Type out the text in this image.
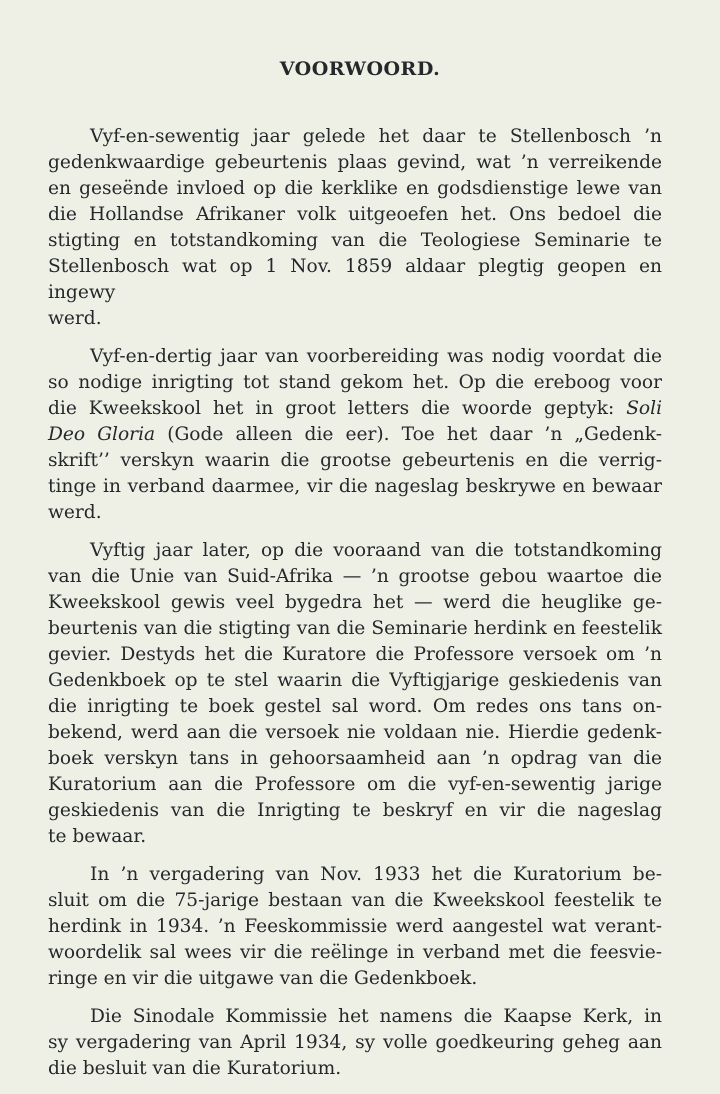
VOORWOORD.

Vyf-en-sewentig jaar gelede het daar te Stellenbosch ’n
gedenkwaardige gebeurtenis plaas gevind, wat ’n verreikende
en geseënde invloed op die kerklike en godsdienstige lewe van
die Hollandse Afrikaner volk uitgeoefen het. Ons bedoel die
stigting en totstandkoming van die Teologiese Seminarie te
Stellenbosch wat op 1 Nov. 1859 aldaar plegtig geopen en ingewy
werd.

Vyf-en-dertig jaar van voorbereiding was nodig voordat die
so nodige inrigting tot stand gekom het. Op die ereboog voor
die Kweekskool het in groot letters die woorde geptyk: Soli
Deo Gloria (Gode alleen die eer). Toe het daar ’n „Gedenk-
skrift’’ verskyn waarin die grootse gebeurtenis en die verrig-
tinge in verband daarmee, vir die nageslag beskrywe en bewaar
werd.

Vyftig jaar later, op die vooraand van die totstandkoming
van die Unie van Suid-Afrika — ’n grootse gebou waartoe die
Kweekskool gewis veel bygedra het — werd die heuglike ge-
beurtenis van die stigting van die Seminarie herdink en feestelik
gevier. Destyds het die Kuratore die Professore versoek om ’n
Gedenkboek op te stel waarin die Vyftigjarige geskiedenis van
die inrigting te boek gestel sal word. Om redes ons tans on-
bekend, werd aan die versoek nie voldaan nie. Hierdie gedenk-
boek verskyn tans in gehoorsaamheid aan ’n opdrag van die
Kuratorium aan die Professore om die vyf-en-sewentig jarige
geskiedenis van die Inrigting te beskryf en vir die nageslag
te bewaar.

In ’n vergadering van Nov. 1933 het die Kuratorium be-
sluit om die 75-jarige bestaan van die Kweekskool feestelik te
herdink in 1934. ’n Feeskommissie werd aangestel wat verant-
woordelik sal wees vir die reëlinge in verband met die feesvie-
ringe en vir die uitgawe van die Gedenkboek.

Die Sinodale Kommissie het namens die Kaapse Kerk, in
sy vergadering van April 1934, sy volle goedkeuring geheg aan
die besluit van die Kuratorium.
